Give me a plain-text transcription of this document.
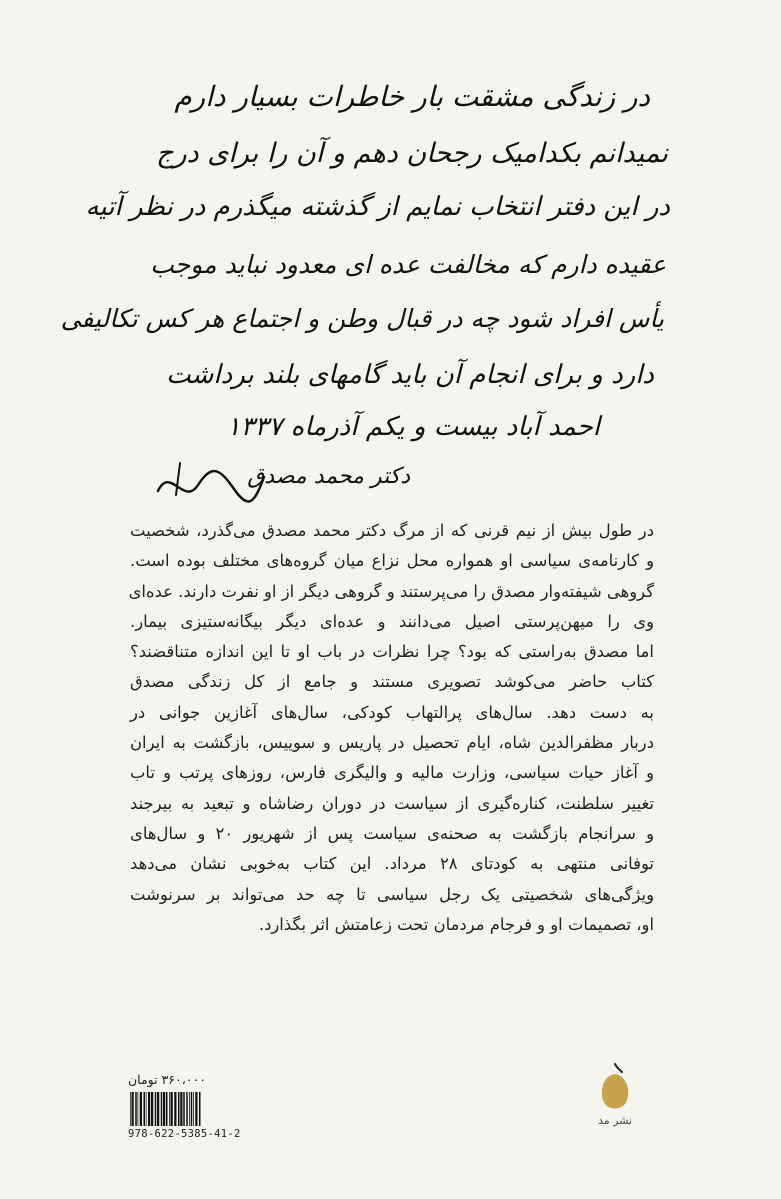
در زندگی مشقت بار خاطرات بسیار دارم
نمیدانم بکدامیک رجحان دهم و آن را برای درج
در این دفتر انتخاب نمایم از گذشته میگذرم در نظر آتیه
عقیده دارم که مخالفت عده ای معدود نباید موجب
یأس افراد شود چه در قبال وطن و اجتماع هر کس تکالیفی
دارد و برای انجام آن باید گامهای بلند برداشت
احمد آباد بیست و یکم آذرماه ۱۳۳۷
دکتر محمد مصدق

در طول بیش از نیم قرنی که از مرگ دکتر محمد مصدق می‌گذرد، شخصیت
و کارنامه‌ی سیاسی او همواره محل نزاع میان گروه‌های مختلف بوده است.
گروهی شیفته‌وار مصدق را می‌پرستند و گروهی دیگر از او نفرت دارند. عده‌ای
وی را میهن‌پرستی اصیل می‌دانند و عده‌ای دیگر بیگانه‌ستیزی بیمار.
اما مصدق به‌راستی که بود؟ چرا نظرات در باب او تا این اندازه متناقضند؟
کتاب حاضر می‌کوشد تصویری مستند و جامع از کل زندگی مصدق
به دست دهد. سال‌های پرالتهاب کودکی، سال‌های آغازین جوانی در
دربار مظفرالدین شاه، ایام تحصیل در پاریس و سوییس، بازگشت به ایران
و آغاز حیات سیاسی، وزارت مالیه و والیگری فارس، روزهای پرتب و تاب
تغییر سلطنت، کناره‌گیری از سیاست در دوران رضاشاه و تبعید به بیرجند
و سرانجام بازگشت به صحنه‌ی سیاست پس از شهریور ۲۰ و سال‌های
توفانی منتهی به کودتای ۲۸ مرداد. این کتاب به‌خوبی نشان می‌دهد
ویژگی‌های شخصیتی یک رجل سیاسی تا چه حد می‌تواند بر سرنوشت
او، تصمیمات او و فرجام مردمان تحت زعامتش اثر بگذارد.

۳۶۰،۰۰۰ تومان
978-622-5385-41-2
نشر مد
